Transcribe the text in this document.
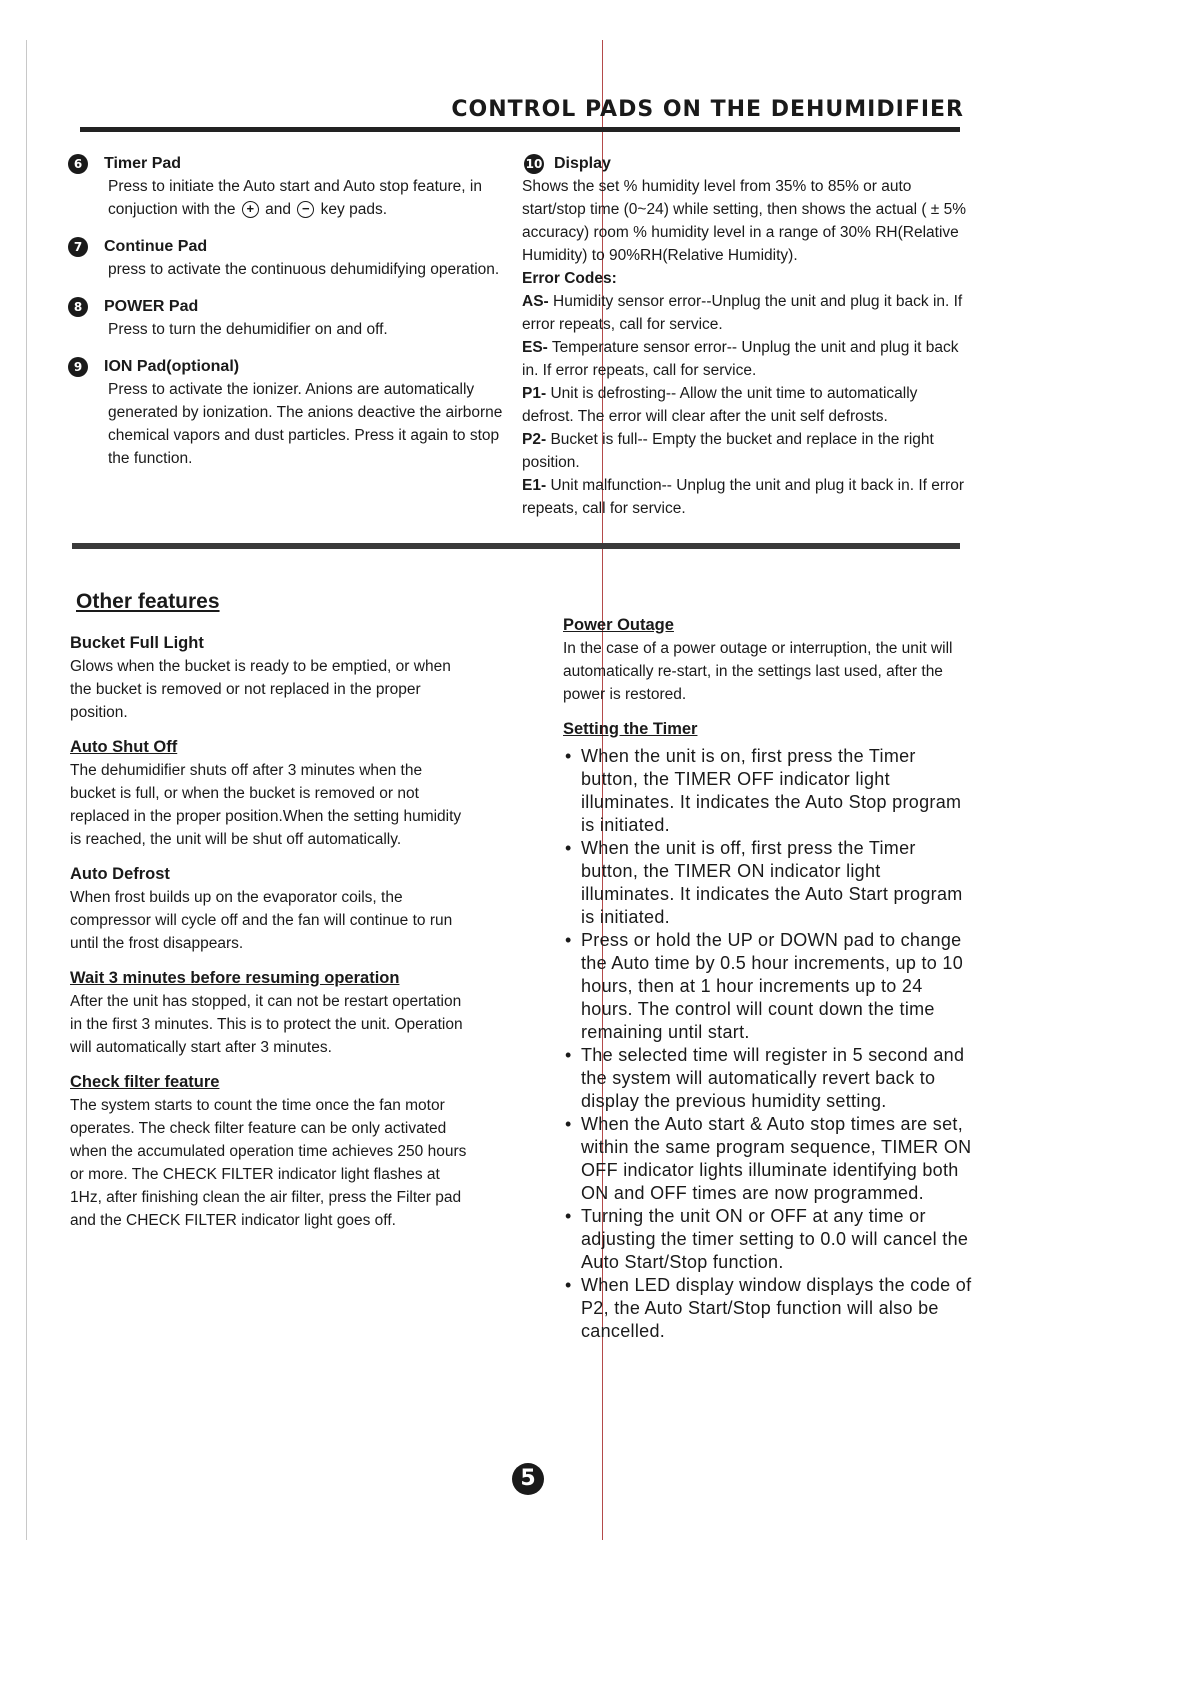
CONTROL PADS ON THE DEHUMIDIFIER
6	Timer Pad
Press to initiate the Auto start and Auto stop feature, in conjuction with the + and − key pads.
7	Continue Pad
press to activate the continuous dehumidifying operation.
8	POWER Pad
Press to turn the dehumidifier on and off.
9	ION Pad(optional)
Press to activate the ionizer. Anions are automatically generated by ionization. The anions deactive the airborne chemical vapors and dust particles. Press it again to stop the function.
10 Display
Shows the set % humidity level from 35% to 85% or auto start/stop time (0~24) while setting, then shows the actual ( ± 5% accuracy) room % humidity level in a range of 30% RH(Relative Humidity) to 90%RH(Relative Humidity).
Error Codes:

AS- Humidity sensor error--Unplug the unit and plug it back in. If error repeats, call for service.

ES- Temperature sensor error-- Unplug the unit and plug it back in. If error repeats, call for service.

P1- Unit is defrosting-- Allow the unit time to automatically defrost. The error will clear after the unit self defrosts.

P2- Bucket is full-- Empty the bucket and replace in the right position.

E1- Unit malfunction-- Unplug the unit and plug it back in. If error repeats, call for service.

Other features
Bucket Full Light
Glows when the bucket is ready to be emptied, or when the bucket is removed or not replaced in the proper position.
Auto Shut Off
The dehumidifier shuts off after 3 minutes when the bucket is full, or when the bucket is removed or not replaced in the proper position.When the setting humidity is reached, the unit will be shut off automatically.
Auto Defrost
When frost builds up on the evaporator coils, the compressor will cycle off and the fan will continue to run until the frost disappears.
Wait 3 minutes before resuming operation
After the unit has stopped, it can not be restart opertation in the first 3 minutes. This is to protect the unit. Operation will automatically start after 3 minutes.
Check filter feature
The system starts to count the time once the fan motor operates. The check filter feature can be only activated when the accumulated operation time achieves 250 hours or more. The CHECK FILTER indicator light flashes at 1Hz, after finishing clean the air filter, press the Filter pad and the CHECK FILTER indicator light goes off.
Power Outage
In the case of a power outage or interruption, the unit will automatically re-start, in the settings last used, after the power is restored.
Setting the Timer
• When the unit is on, first press the Timer button, the TIMER OFF indicator light illuminates. It indicates the Auto Stop program is initiated.
• When the unit is off, first press the Timer button, the TIMER ON indicator light illuminates. It indicates the Auto Start program is initiated.
• Press or hold the UP or DOWN pad to change the Auto time by 0.5 hour increments, up to 10 hours, then at 1 hour increments up to 24 hours. The control will count down the time remaining until start.
• The selected time will register in 5 second and the system will automatically revert back to display the previous humidity setting.
• When the Auto start & Auto stop times are set, within the same program sequence, TIMER ON OFF indicator lights illuminate identifying both ON and OFF times are now programmed.
• Turning the unit ON or OFF at any time or adjusting the timer setting to 0.0 will cancel the Auto Start/Stop function.
• When LED display window displays the code of P2, the Auto Start/Stop function will also be cancelled.
5
